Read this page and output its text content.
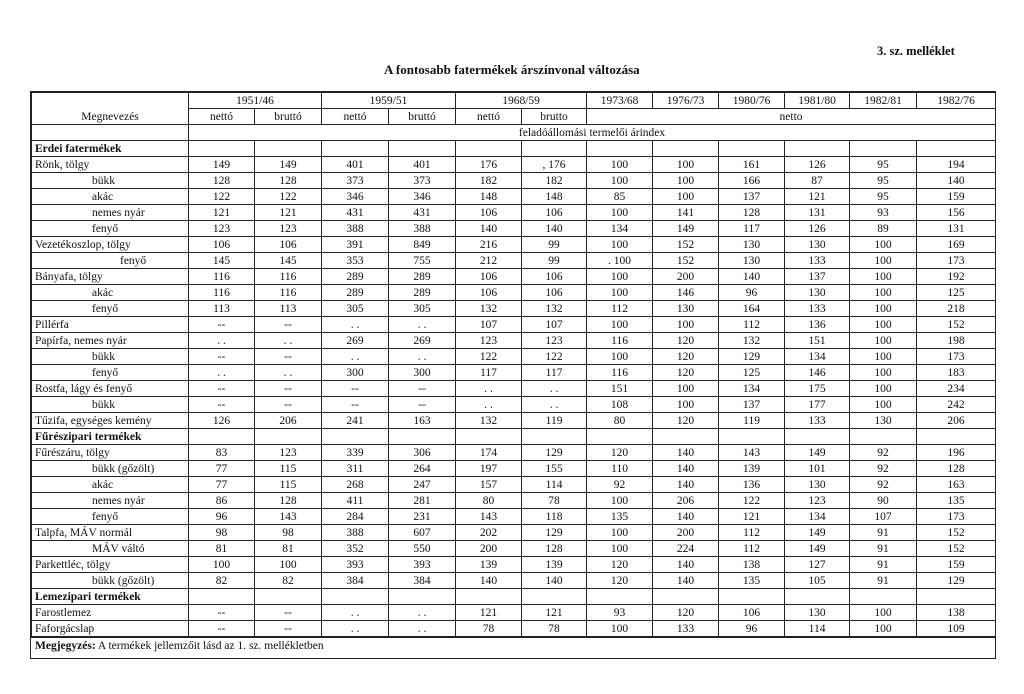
3. sz. melléklet
A fontosabb fatermékek árszínvonal változása
Megnevezés	1951/46		1959/51		1968/59		1973/68	1976/73	1980/76	1981/80	1982/81	1982/76
	nettó	bruttó	nettó	bruttó	nettó	brutto	netto					
	feladóállomási termelői árindex											
Erdei fatermékek												
Rönk, tölgy	149	149	401	401	176	, 176	100	100	161	126	95	194
bükk	128	128	373	373	182	182	100	100	166	87	95	140
akác	122	122	346	346	148	148	85	100	137	121	95	159
nemes nyár	121	121	431	431	106	106	100	141	128	131	93	156
fenyő	123	123	388	388	140	140	134	149	117	126	89	131
Vezetékoszlop, tölgy	106	106	391	849	216	99	100	152	130	130	100	169
fenyő	145	145	353	755	212	99	. 100	152	130	133	100	173
Bányafa, tölgy	116	116	289	289	106	106	100	200	140	137	100	192
akác	116	116	289	289	106	106	100	146	96	130	100	125
fenyő	113	113	305	305	132	132	112	130	164	133	100	218
Pillérfa	--	--	. .	. .	107	107	100	100	112	136	100	152
Papírfa, nemes nyár	. .	. .	269	269	123	123	116	120	132	151	100	198
bükk	--	--	. .	. .	122	122	100	120	129	134	100	173
fenyő	. .	. .	300	300	117	117	116	120	125	146	100	183
Rostfa, lágy és fenyő	--	--	--	--	. .	. .	151	100	134	175	100	234
bükk	--	--	--	--	. .	. .	108	100	137	177	100	242
Tűzifa, egységes kemény	126	206	241	163	132	119	80	120	119	133	130	206
Fűrészipari termékek												
Fűrészáru, tölgy	83	123	339	306	174	129	120	140	143	149	92	196
bükk (gőzölt)	77	115	311	264	197	155	110	140	139	101	92	128
akác	77	115	268	247	157	114	92	140	136	130	92	163
nemes nyár	86	128	411	281	80	78	100	206	122	123	90	135
fenyő	96	143	284	231	143	118	135	140	121	134	107	173
Talpfa, MÁV normál	98	98	388	607	202	129	100	200	112	149	91	152
MÁV váltó	81	81	352	550	200	128	100	224	112	149	91	152
Parkettléc, tölgy	100	100	393	393	139	139	120	140	138	127	91	159
bükk (gőzölt)	82	82	384	384	140	140	120	140	135	105	91	129
Lemezipari termékek												
Farostlemez	--	--	. .	. .	121	121	93	120	106	130	100	138
Faforgácslap	--	--	. .	. .	78	78	100	133	96	114	100	109
Megjegyzés: A termékek jellemzőit lásd az 1. sz. mellékletben
